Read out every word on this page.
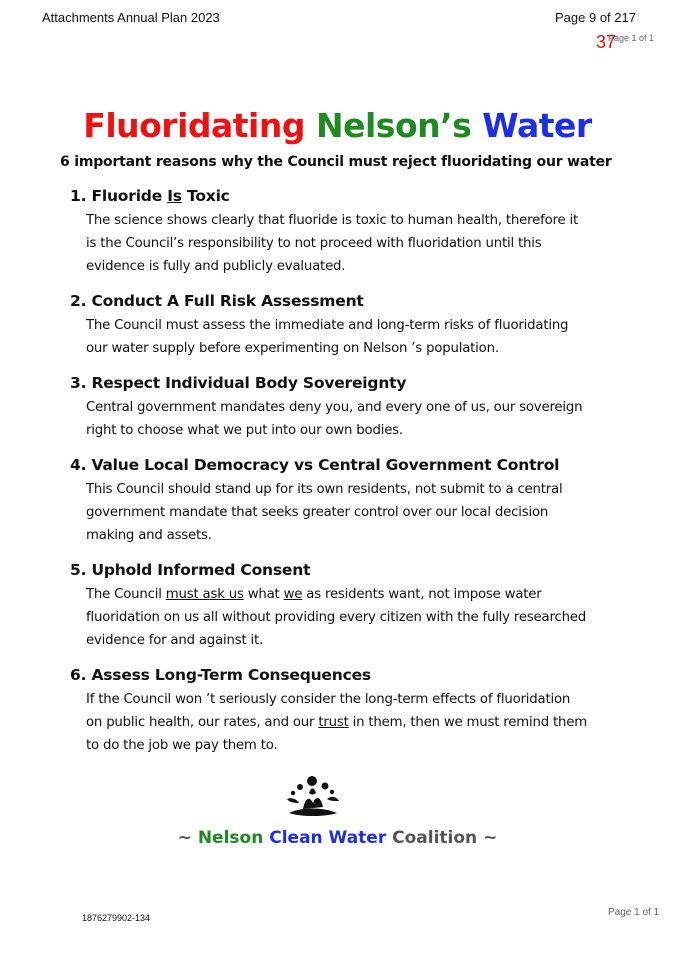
Attachments Annual Plan 2023	Page 9 of 217
37
Page 1 of 1
Fluoridating Nelson’s Water
6 important reasons why the Council must reject fluoridating our water
1. Fluoride Is Toxic

The science shows clearly that fluoride is toxic to human health, therefore it is the Council’s responsibility to not proceed with fluoridation until this evidence is fully and publicly evaluated.

2. Conduct A Full Risk Assessment

The Council must assess the immediate and long-term risks of fluoridating our water supply before experimenting on Nelson ’s population.

3. Respect Individual Body Sovereignty

Central government mandates deny you, and every one of us, our sovereign right to choose what we put into our own bodies.

4. Value Local Democracy vs Central Government Control

This Council should stand up for its own residents, not submit to a central government mandate that seeks greater control over our local decision making and assets.

5. Uphold Informed Consent

The Council must ask us what we as residents want, not impose water fluoridation on us all without providing every citizen with the fully researched evidence for and against it.

6. Assess Long-Term Consequences

If the Council won ’t seriously consider the long-term effects of fluoridation on public health, our rates, and our trust in them, then we must remind them to do the job we pay them to.

~ Nelson Clean Water Coalition ~
1876279902-134	Page 1 of 1
